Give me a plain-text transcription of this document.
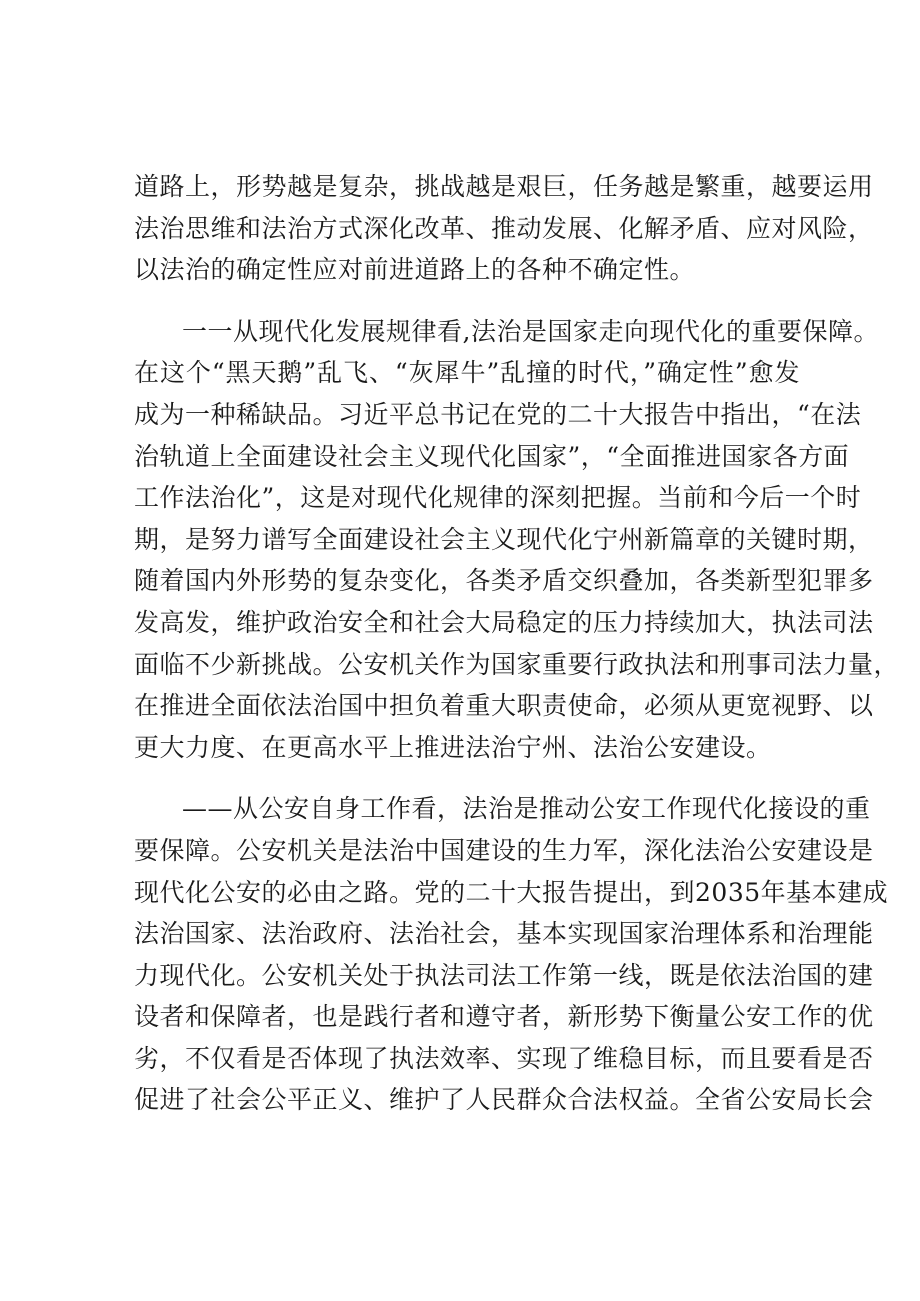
道路上，形势越是复杂，挑战越是艰巨，任务越是繁重，越要运用
法治思维和法治方式深化改革、推动发展、化解矛盾、应对风险，
以法治的确定性应对前进道路上的各种不确定性。
一一从现代化发展规律看,法治是国家走向现代化的重要保障。
在这个“黑天鹅”乱飞、“灰犀牛”乱撞的时代，”确定性”愈发
成为一种稀缺品。习近平总书记在党的二十大报告中指出，“在法
治轨道上全面建设社会主义现代化国家”，“全面推进国家各方面
工作法治化”，这是对现代化规律的深刻把握。当前和今后一个时
期，是努力谱写全面建设社会主义现代化宁州新篇章的关键时期，
随着国内外形势的复杂变化，各类矛盾交织叠加，各类新型犯罪多
发高发，维护政治安全和社会大局稳定的压力持续加大，执法司法
面临不少新挑战。公安机关作为国家重要行政执法和刑事司法力量，
在推进全面依法治国中担负着重大职责使命，必须从更宽视野、以
更大力度、在更高水平上推进法治宁州、法治公安建设。
——从公安自身工作看，法治是推动公安工作现代化接设的重
要保障。公安机关是法治中国建设的生力军，深化法治公安建设是
现代化公安的必由之路。党的二十大报告提出，到2035年基本建成
法治国家、法治政府、法治社会，基本实现国家治理体系和治理能
力现代化。公安机关处于执法司法工作第一线，既是依法治国的建
设者和保障者，也是践行者和遵守者，新形势下衡量公安工作的优
劣，不仅看是否体现了执法效率、实现了维稳目标，而且要看是否
促进了社会公平正义、维护了人民群众合法权益。全省公安局长会
